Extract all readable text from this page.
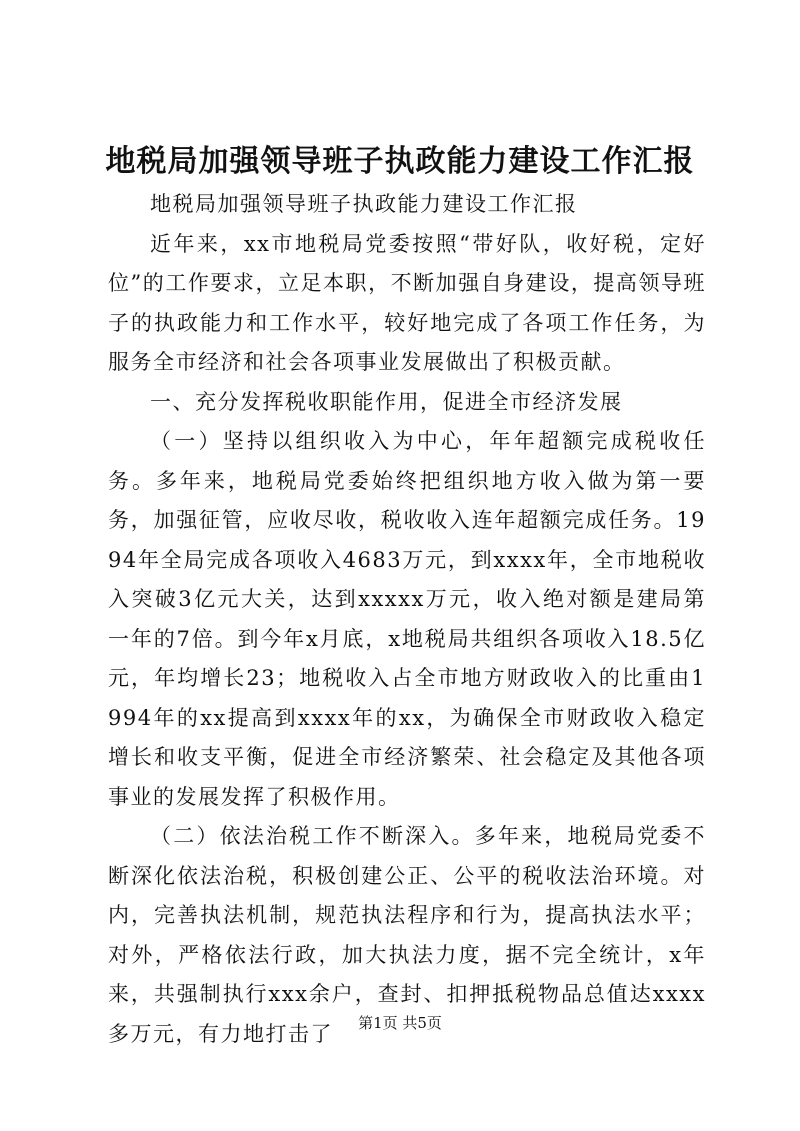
地税局加强领导班子执政能力建设工作汇报

地税局加强领导班子执政能力建设工作汇报

近年来，xx市地税局党委按照“带好队，收好税，定好位”的工作要求，立足本职，不断加强自身建设，提高领导班子的执政能力和工作水平，较好地完成了各项工作任务，为服务全市经济和社会各项事业发展做出了积极贡献。

一、充分发挥税收职能作用，促进全市经济发展

（一）坚持以组织收入为中心，年年超额完成税收任务。多年来，地税局党委始终把组织地方收入做为第一要务，加强征管，应收尽收，税收收入连年超额完成任务。1994年全局完成各项收入4683万元，到xxxx年，全市地税收入突破3亿元大关，达到xxxxx万元，收入绝对额是建局第一年的7倍。到今年x月底，x地税局共组织各项收入18.5亿元，年均增长23；地税收入占全市地方财政收入的比重由1994年的xx提高到xxxx年的xx，为确保全市财政收入稳定增长和收支平衡，促进全市经济繁荣、社会稳定及其他各项事业的发展发挥了积极作用。

（二）依法治税工作不断深入。多年来，地税局党委不断深化依法治税，积极创建公正、公平的税收法治环境。对内，完善执法机制，规范执法程序和行为，提高执法水平；对外，严格依法行政，加大执法力度，据不完全统计，x年来，共强制执行xxx余户，查封、扣押抵税物品总值达xxxx多万元，有力地打击了	第1页 共5页
